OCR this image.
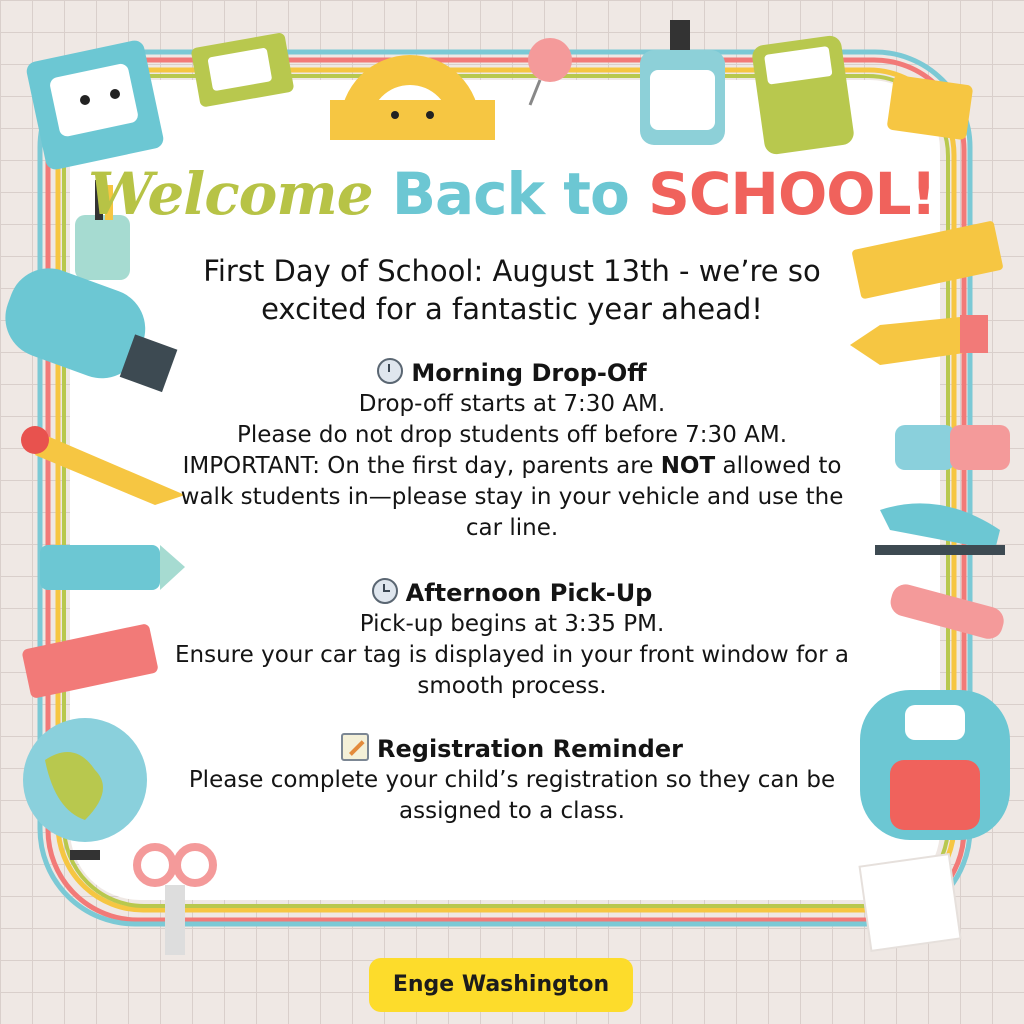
Welcome Back to SCHOOL!
First Day of School: August 13th - we’re so excited for a fantastic year ahead!
Morning Drop-Off
Drop-off starts at 7:30 AM.
Please do not drop students off before 7:30 AM.
IMPORTANT: On the first day, parents are NOT allowed to walk students in—please stay in your vehicle and use the car line.
Afternoon Pick-Up
Pick-up begins at 3:35 PM.
Ensure your car tag is displayed in your front window for a smooth process.
Registration Reminder
Please complete your child’s registration so they can be assigned to a class.
Enge Washington
